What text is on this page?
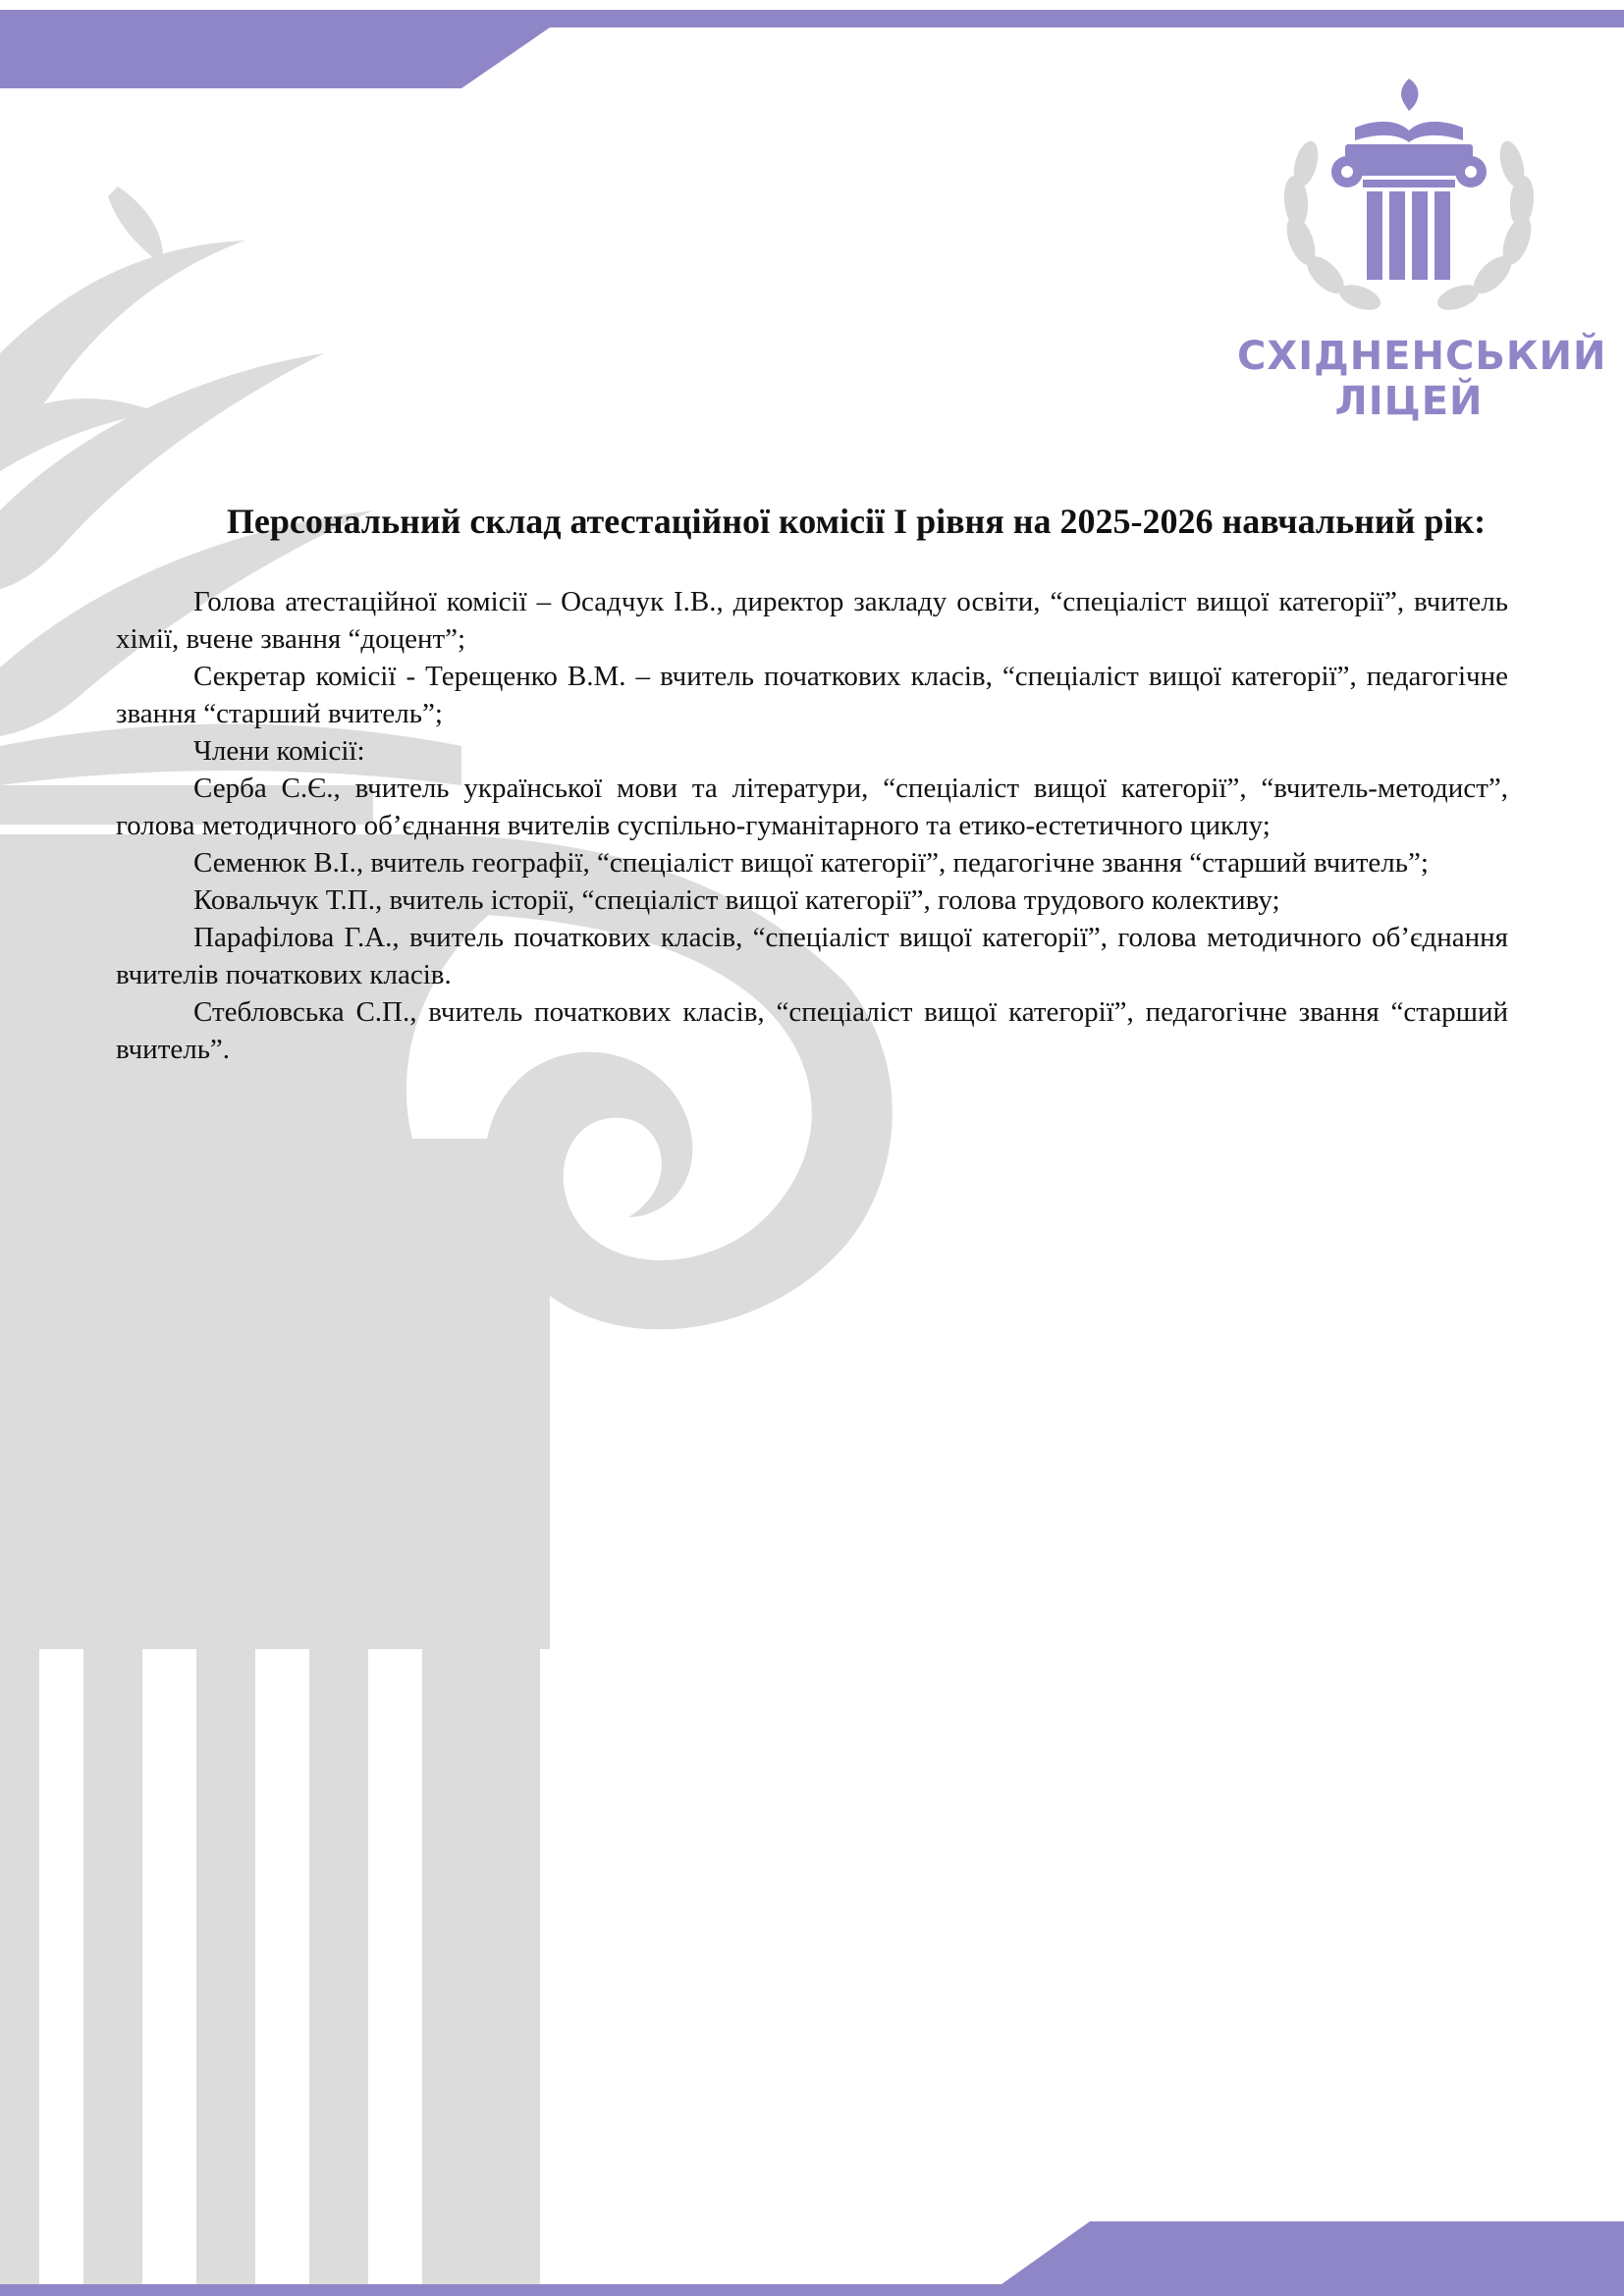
СХІДНЕНСЬКИЙ
ЛІЦЕЙ
Персональний склад атестаційної комісії І рівня на 2025-2026 навчальний рік:

Голова атестаційної комісії – Осадчук І.В., директор закладу освіти, “спеціаліст вищої категорії”, вчитель хімії, вчене звання “доцент”;

Секретар комісії - Терещенко В.М. – вчитель початкових класів, “спеціаліст вищої категорії”, педагогічне звання “старший вчитель”;

Члени комісії:

Серба С.Є., вчитель української мови та літератури, “спеціаліст вищої категорії”, “вчитель-методист”, голова методичного об’єднання вчителів суспільно-гуманітарного та етико-естетичного циклу;

Семенюк В.І., вчитель географії, “спеціаліст вищої категорії”, педагогічне звання “старший вчитель”;

Ковальчук Т.П., вчитель історії, “спеціаліст вищої категорії”, голова трудового колективу;

Парафілова Г.А., вчитель початкових класів, “спеціаліст вищої категорії”, голова методичного об’єднання вчителів початкових класів.

Стебловська С.П., вчитель початкових класів, “спеціаліст вищої категорії”, педагогічне звання “старший вчитель”.
